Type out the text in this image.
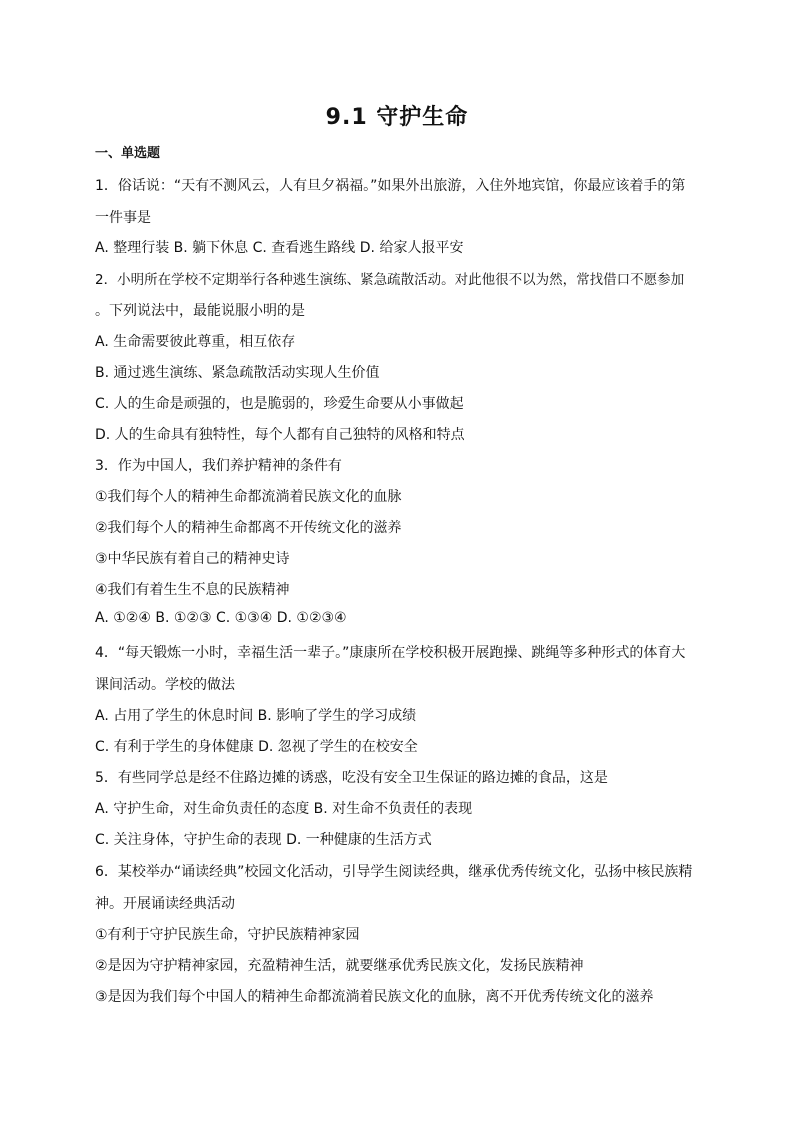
9.1 守护生命
一、单选题
1．俗话说：“天有不测风云，人有旦夕祸福。”如果外出旅游，入住外地宾馆，你最应该着手的第
一件事是
A. 整理行装 B. 躺下休息 C. 查看逃生路线 D. 给家人报平安
2．小明所在学校不定期举行各种逃生演练、紧急疏散活动。对此他很不以为然，常找借口不愿参加
。下列说法中，最能说服小明的是
A. 生命需要彼此尊重，相互依存
B. 通过逃生演练、紧急疏散活动实现人生价值
C. 人的生命是顽强的，也是脆弱的，珍爱生命要从小事做起
D. 人的生命具有独特性，每个人都有自己独特的风格和特点
3．作为中国人，我们养护精神的条件有
①我们每个人的精神生命都流淌着民族文化的血脉
②我们每个人的精神生命都离不开传统文化的滋养
③中华民族有着自己的精神史诗
④我们有着生生不息的民族精神
A. ①②④ B. ①②③ C. ①③④ D. ①②③④
4．“每天锻炼一小时，幸福生活一辈子。”康康所在学校积极开展跑操、跳绳等多种形式的体育大
课间活动。学校的做法
A. 占用了学生的休息时间 B. 影响了学生的学习成绩
C. 有利于学生的身体健康 D. 忽视了学生的在校安全
5．有些同学总是经不住路边摊的诱惑，吃没有安全卫生保证的路边摊的食品，这是
A. 守护生命，对生命负责任的态度 B. 对生命不负责任的表现
C. 关注身体，守护生命的表现 D. 一种健康的生活方式
6．某校举办“诵读经典”校园文化活动，引导学生阅读经典，继承优秀传统文化，弘扬中核民族精
神。开展诵读经典活动
①有利于守护民族生命，守护民族精神家园
②是因为守护精神家园，充盈精神生活，就要继承优秀民族文化，发扬民族精神
③是因为我们每个中国人的精神生命都流淌着民族文化的血脉，离不开优秀传统文化的滋养
